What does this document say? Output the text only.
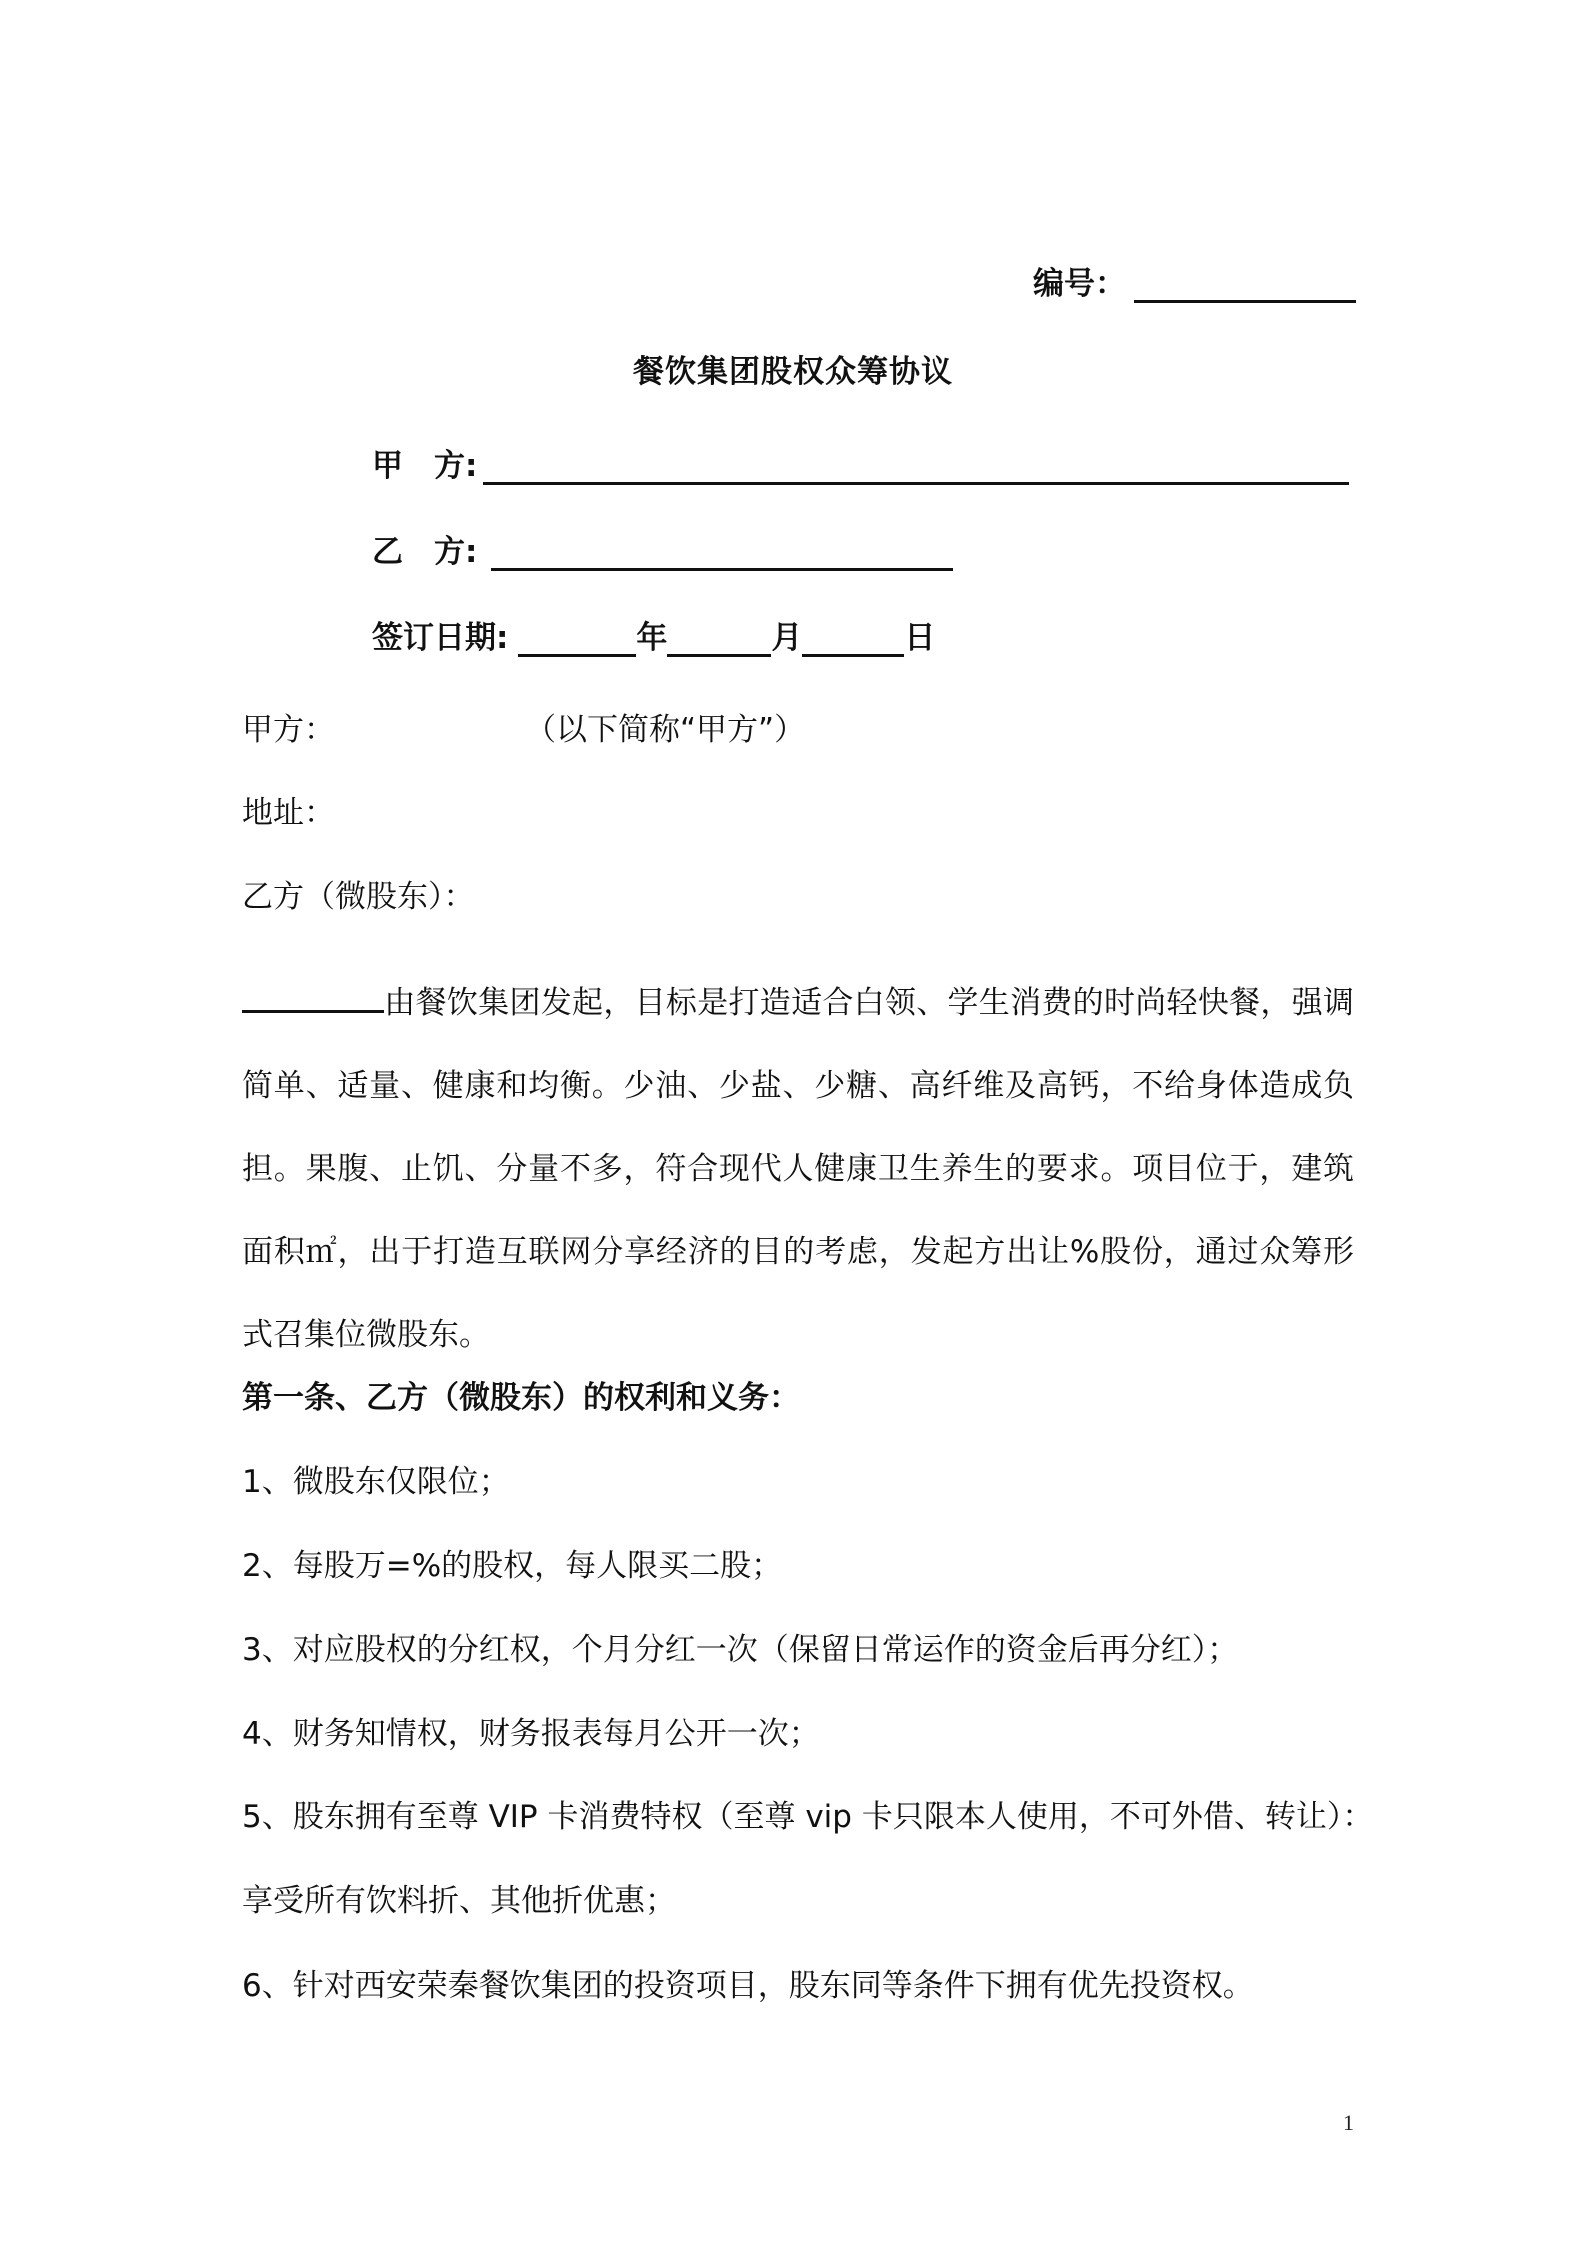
编号：
餐饮集团股权众筹协议
甲　方:
乙　方:
签订日期:	年	月	日
甲方：	（以下简称“甲方”）
地址：
乙方（微股东）：
由餐饮集团发起，目标是打造适合白领、学生消费的时尚轻快餐，强调简单、适量、健康和均衡。少油、少盐、少糖、高纤维及高钙，不给身体造成负担。果腹、止饥、分量不多，符合现代人健康卫生养生的要求。项目位于，建筑面积㎡，出于打造互联网分享经济的目的考虑，发起方出让%股份，通过众筹形式召集位微股东。
第一条、乙方（微股东）的权利和义务：
1、微股东仅限位；
2、每股万=%的股权，每人限买二股；
3、对应股权的分红权，个月分红一次（保留日常运作的资金后再分红）；
4、财务知情权，财务报表每月公开一次；
5、股东拥有至尊 VIP 卡消费特权（至尊 vip 卡只限本人使用，不可外借、转让）：
享受所有饮料折、其他折优惠；
6、针对西安荣秦餐饮集团的投资项目，股东同等条件下拥有优先投资权。
1
